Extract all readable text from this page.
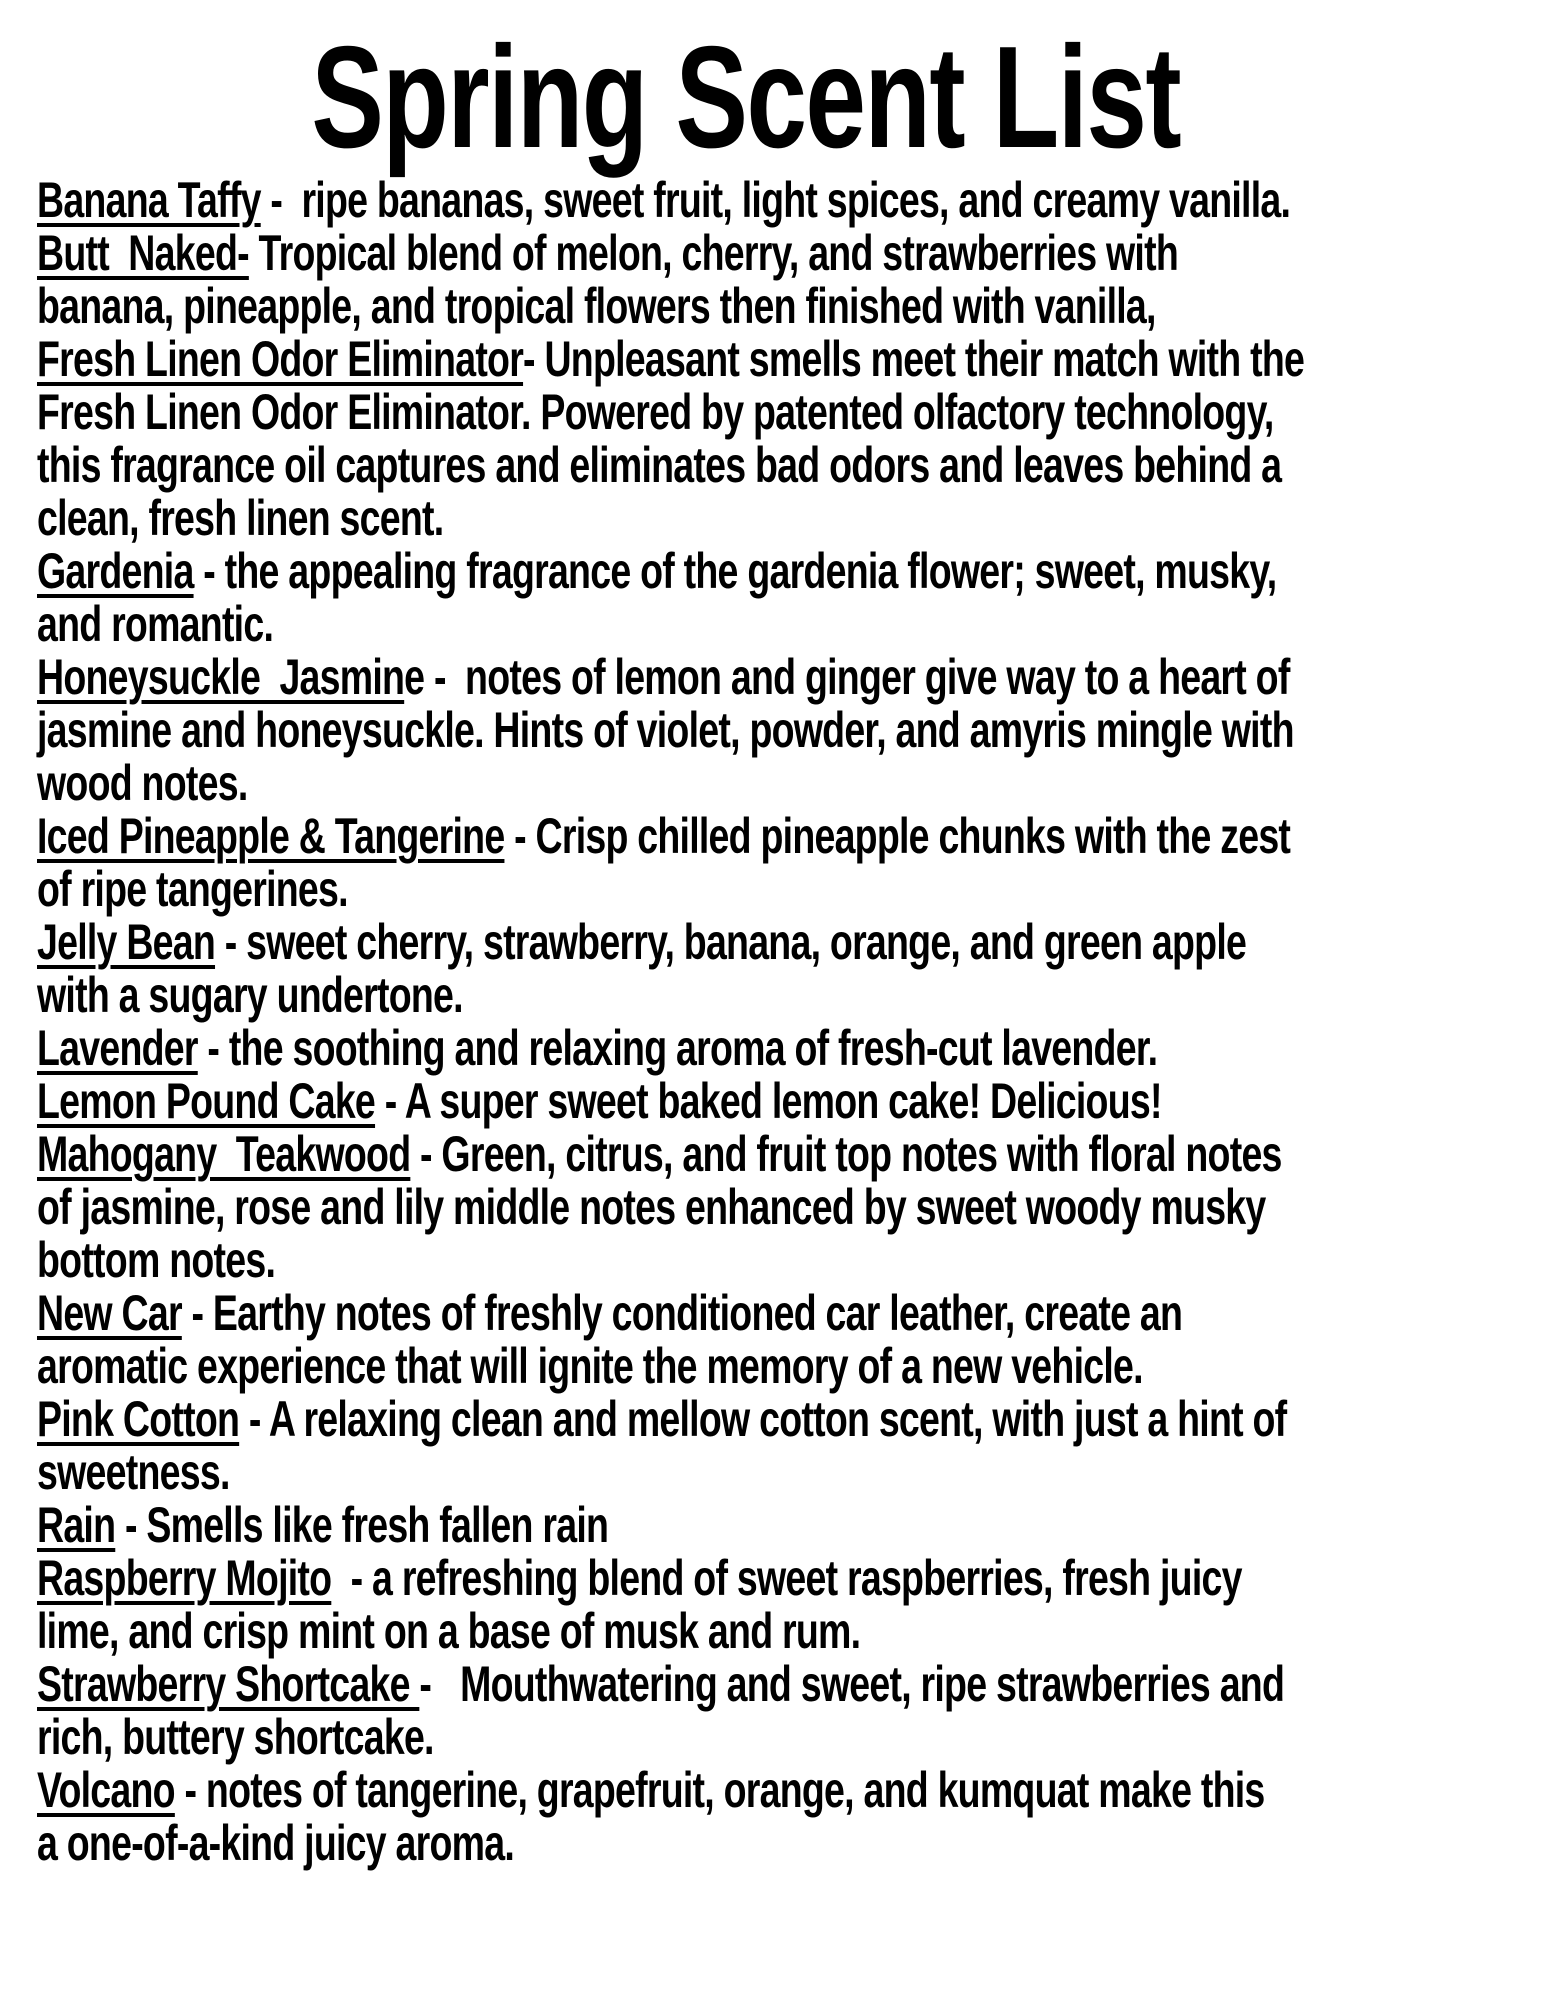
Spring Scent List
Banana Taffy -  ripe bananas, sweet fruit, light spices, and creamy vanilla.
Butt  Naked- Tropical blend of melon, cherry, and strawberries with
banana, pineapple, and tropical flowers then finished with vanilla,
Fresh Linen Odor Eliminator- Unpleasant smells meet their match with the
Fresh Linen Odor Eliminator. Powered by patented olfactory technology,
this fragrance oil captures and eliminates bad odors and leaves behind a
clean, fresh linen scent.
Gardenia - the appealing fragrance of the gardenia flower; sweet, musky,
and romantic.
Honeysuckle  Jasmine -  notes of lemon and ginger give way to a heart of
jasmine and honeysuckle. Hints of violet, powder, and amyris mingle with
wood notes.
Iced Pineapple & Tangerine - Crisp chilled pineapple chunks with the zest
of ripe tangerines.
Jelly Bean - sweet cherry, strawberry, banana, orange, and green apple
with a sugary undertone.
Lavender - the soothing and relaxing aroma of fresh-cut lavender.
Lemon Pound Cake - A super sweet baked lemon cake! Delicious!
Mahogany  Teakwood - Green, citrus, and fruit top notes with floral notes
of jasmine, rose and lily middle notes enhanced by sweet woody musky
bottom notes.
New Car - Earthy notes of freshly conditioned car leather, create an
aromatic experience that will ignite the memory of a new vehicle.
Pink Cotton - A relaxing clean and mellow cotton scent, with just a hint of
sweetness.
Rain - Smells like fresh fallen rain
Raspberry Mojito  - a refreshing blend of sweet raspberries, fresh juicy
lime, and crisp mint on a base of musk and rum.
Strawberry Shortcake -   Mouthwatering and sweet, ripe strawberries and
rich, buttery shortcake.
Volcano - notes of tangerine, grapefruit, orange, and kumquat make this
a one-of-a-kind juicy aroma.
